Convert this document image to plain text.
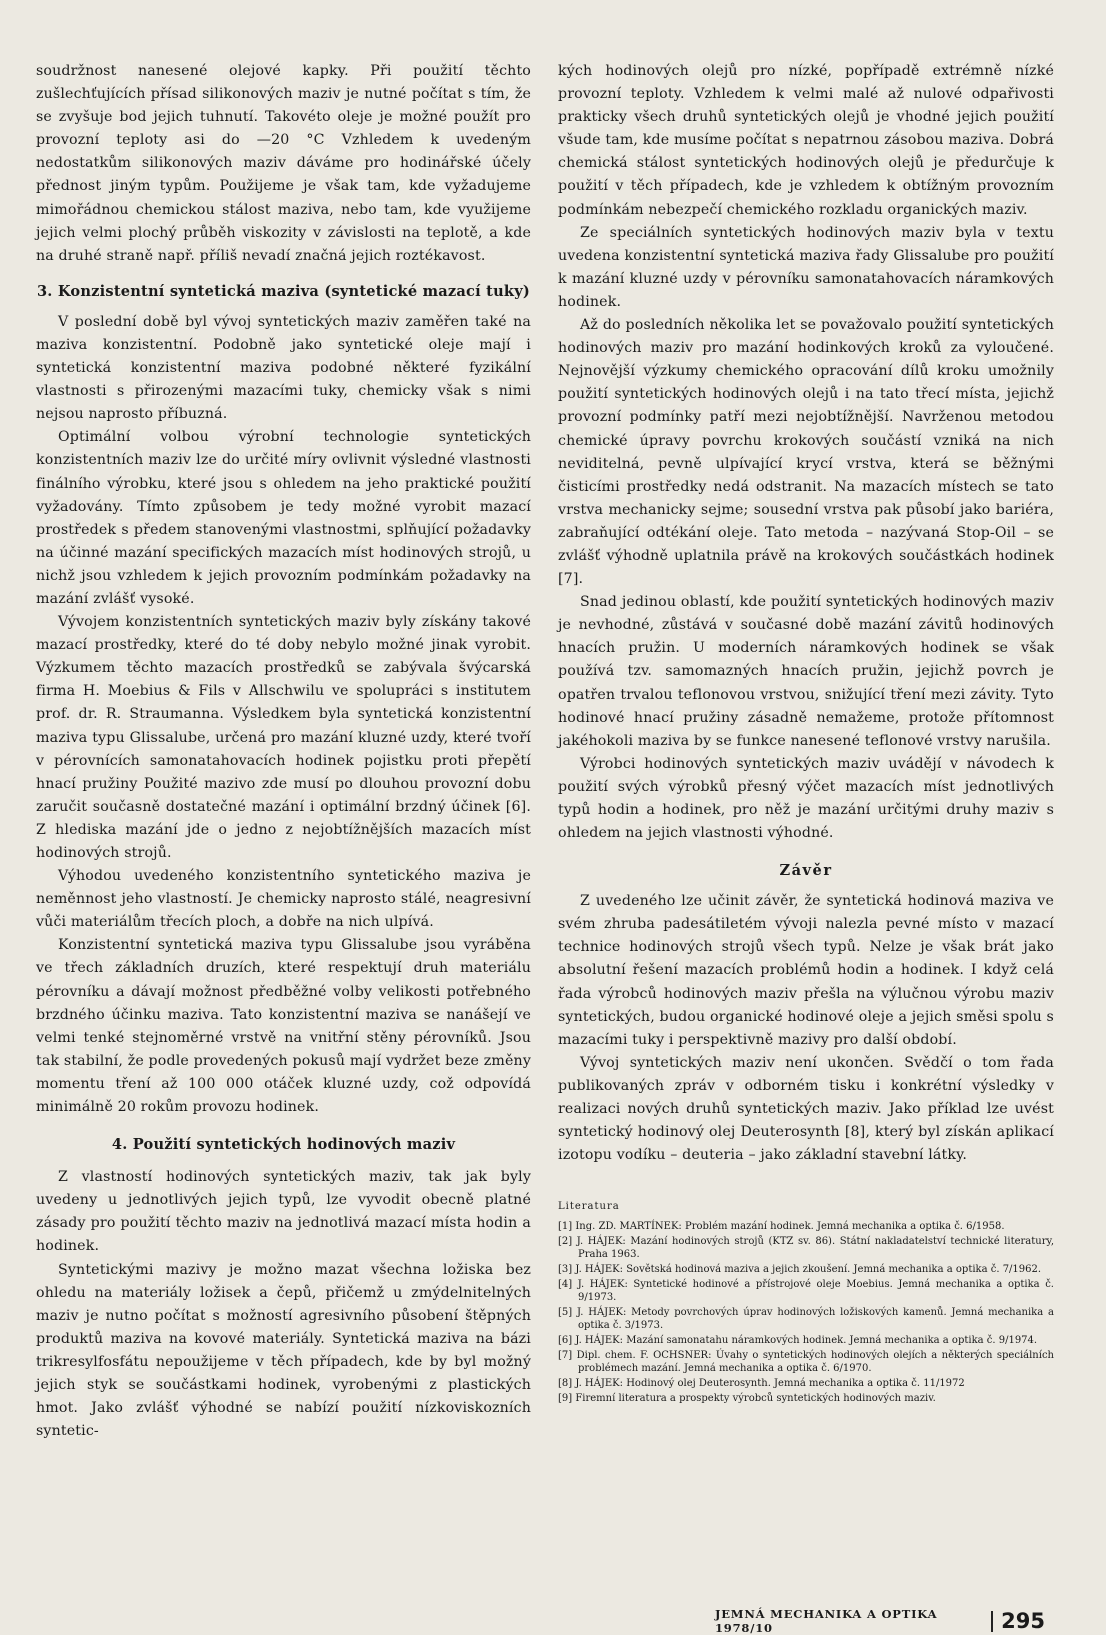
soudržnost nanesené olejové kapky. Při použití těchto zušlechťujících přísad silikonových maziv je nutné počítat s tím, že se zvyšuje bod jejich tuhnutí. Takovéto oleje je možné použít pro provozní teploty asi do —20 °C Vzhledem k uvedeným nedostatkům silikonových maziv dáváme pro hodinářské účely přednost jiným typům. Použijeme je však tam, kde vyžadujeme mimořádnou chemickou stálost maziva, nebo tam, kde využijeme jejich velmi plochý průběh viskozity v závislosti na teplotě, a kde na druhé straně např. příliš nevadí značná jejich roztékavost.

3. Konzistentní syntetická maziva (syntetické mazací tuky)

V poslední době byl vývoj syntetických maziv zaměřen také na maziva konzistentní. Podobně jako syntetické oleje mají i syntetická konzistentní maziva podobné některé fyzikální vlastnosti s přirozenými mazacími tuky, chemicky však s nimi nejsou naprosto příbuzná.

Optimální volbou výrobní technologie syntetických konzistentních maziv lze do určité míry ovlivnit výsledné vlastnosti finálního výrobku, které jsou s ohledem na jeho praktické použití vyžadovány. Tímto způsobem je tedy možné vyrobit mazací prostředek s předem stanovenými vlastnostmi, splňující požadavky na účinné mazání specifických mazacích míst hodinových strojů, u nichž jsou vzhledem k jejich provozním podmínkám požadavky na mazání zvlášť vysoké.

Vývojem konzistentních syntetických maziv byly získány takové mazací prostředky, které do té doby nebylo možné jinak vyrobit. Výzkumem těchto mazacích prostředků se zabývala švýcarská firma H. Moebius & Fils v Allschwilu ve spolupráci s institutem prof. dr. R. Straumanna. Výsledkem byla syntetická konzistentní maziva typu Glissalube, určená pro mazání kluzné uzdy, které tvoří v pérovnících samonatahovacích hodinek pojistku proti přepětí hnací pružiny Použité mazivo zde musí po dlouhou provozní dobu zaručit současně dostatečné mazání i optimální brzdný účinek [6]. Z hlediska mazání jde o jedno z nejobtížnějších mazacích míst hodinových strojů.

Výhodou uvedeného konzistentního syntetického maziva je neměnnost jeho vlastností. Je chemicky naprosto stálé, neagresivní vůči materiálům třecích ploch, a dobře na nich ulpívá.

Konzistentní syntetická maziva typu Glissalube jsou vyráběna ve třech základních druzích, které respektují druh materiálu pérovníku a dávají možnost předběžné volby velikosti potřebného brzdného účinku maziva. Tato konzistentní maziva se nanášejí ve velmi tenké stejnoměrné vrstvě na vnitřní stěny pérovníků. Jsou tak stabilní, že podle provedených pokusů mají vydržet beze změny momentu tření až 100 000 otáček kluzné uzdy, což odpovídá minimálně 20 rokům provozu hodinek.

4. Použití syntetických hodinových maziv

Z vlastností hodinových syntetických maziv, tak jak byly uvedeny u jednotlivých jejich typů, lze vyvodit obecně platné zásady pro použití těchto maziv na jednotlivá mazací místa hodin a hodinek.

Syntetickými mazivy je možno mazat všechna ložiska bez ohledu na materiály ložisek a čepů, přičemž u zmýdelnitelných maziv je nutno počítat s možností agresivního působení štěpných produktů maziva na kovové materiály. Syntetická maziva na bázi trikresylfosfátu nepoužijeme v těch případech, kde by byl možný jejich styk se součástkami hodinek, vyrobenými z plastických hmot. Jako zvlášť výhodné se nabízí použití nízkoviskozních syntetic-

kých hodinových olejů pro nízké, popřípadě extrémně nízké provozní teploty. Vzhledem k velmi malé až nulové odpařivosti prakticky všech druhů syntetických olejů je vhodné jejich použití všude tam, kde musíme počítat s nepatrnou zásobou maziva. Dobrá chemická stálost syntetických hodinových olejů je předurčuje k použití v těch případech, kde je vzhledem k obtížným provozním podmínkám nebezpečí chemického rozkladu organických maziv.

Ze speciálních syntetických hodinových maziv byla v textu uvedena konzistentní syntetická maziva řady Glissalube pro použití k mazání kluzné uzdy v pérovníku samonatahovacích náramkových hodinek.

Až do posledních několika let se považovalo použití syntetických hodinových maziv pro mazání hodinkových kroků za vyloučené. Nejnovější výzkumy chemického opracování dílů kroku umožnily použití syntetických hodinových olejů i na tato třecí místa, jejichž provozní podmínky patří mezi nejobtížnější. Navrženou metodou chemické úpravy povrchu krokových součástí vzniká na nich neviditelná, pevně ulpívající krycí vrstva, která se běžnými čisticími prostředky nedá odstranit. Na mazacích místech se tato vrstva mechanicky sejme; sousední vrstva pak působí jako bariéra, zabraňující odtékání oleje. Tato metoda – nazývaná Stop-Oil – se zvlášť výhodně uplatnila právě na krokových součástkách hodinek [7].

Snad jedinou oblastí, kde použití syntetických hodinových maziv je nevhodné, zůstává v současné době mazání závitů hodinových hnacích pružin. U moderních náramkových hodinek se však používá tzv. samomazných hnacích pružin, jejichž povrch je opatřen trvalou teflonovou vrstvou, snižující tření mezi závity. Tyto hodinové hnací pružiny zásadně nemažeme, protože přítomnost jakéhokoli maziva by se funkce nanesené teflonové vrstvy narušila.

Výrobci hodinových syntetických maziv uvádějí v návodech k použití svých výrobků přesný výčet mazacích míst jednotlivých typů hodin a hodinek, pro něž je mazání určitými druhy maziv s ohledem na jejich vlastnosti výhodné.

Závěr

Z uvedeného lze učinit závěr, že syntetická hodinová maziva ve svém zhruba padesátiletém vývoji nalezla pevné místo v mazací technice hodinových strojů všech typů. Nelze je však brát jako absolutní řešení mazacích problémů hodin a hodinek. I když celá řada výrobců hodinových maziv přešla na výlučnou výrobu maziv syntetických, budou organické hodinové oleje a jejich směsi spolu s mazacími tuky i perspektivně mazivy pro další období.

Vývoj syntetických maziv není ukončen. Svědčí o tom řada publikovaných zpráv v odborném tisku i konkrétní výsledky v realizaci nových druhů syntetických maziv. Jako příklad lze uvést syntetický hodinový olej Deuterosynth [8], který byl získán aplikací izotopu vodíku – deuteria – jako základní stavební látky.

Literatura
[1] Ing. ZD. MARTÍNEK: Problém mazání hodinek. Jemná mechanika a optika č. 6/1958.
[2] J. HÁJEK: Mazání hodinových strojů (KTZ sv. 86). Státní nakladatelství technické literatury, Praha 1963.
[3] J. HÁJEK: Sovětská hodinová maziva a jejich zkoušení. Jemná mechanika a optika č. 7/1962.
[4] J. HÁJEK: Syntetické hodinové a přístrojové oleje Moebius. Jemná mechanika a optika č. 9/1973.
[5] J. HÁJEK: Metody povrchových úprav hodinových ložiskových kamenů. Jemná mechanika a optika č. 3/1973.
[6] J. HÁJEK: Mazání samonatahu náramkových hodinek. Jemná mechanika a optika č. 9/1974.
[7] Dipl. chem. F. OCHSNER: Úvahy o syntetických hodinových olejích a některých speciálních problémech mazání. Jemná mechanika a optika č. 6/1970.
[8] J. HÁJEK: Hodinový olej Deuterosynth. Jemná mechanika a optika č. 11/1972
[9] Firemní literatura a prospekty výrobců syntetických hodinových maziv.
JEMNÁ MECHANIKA A OPTIKA 1978/10	295
